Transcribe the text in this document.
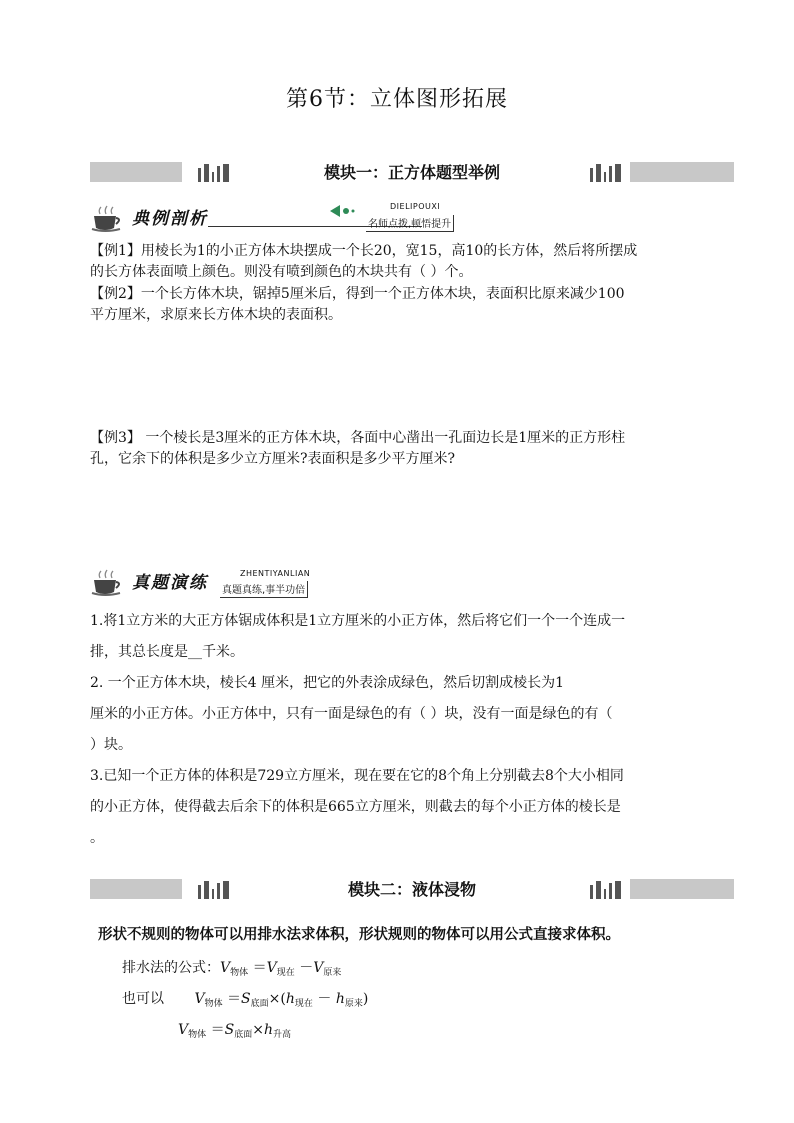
第6节：立体图形拓展
模块一：正方体题型举例
典例剖析
DIELIPOUXI
名师点拨,顿悟提升
【例1】用棱长为1的小正方体木块摆成一个长20，宽15，高10的长方体，然后将所摆成
的长方体表面喷上颜色。则没有喷到颜色的木块共有（ ）个。
【例2】一个长方体木块，锯掉5厘米后，得到一个正方体木块，表面积比原来减少100
平方厘米，求原来长方体木块的表面积。
【例3】 一个棱长是3厘米的正方体木块，各面中心凿出一孔面边长是1厘米的正方形柱
孔，它余下的体积是多少立方厘米?表面积是多少平方厘米?
真题演练	ZHENTIYANLIAN
真题真练,事半功倍
1.将1立方米的大正方体锯成体积是1立方厘米的小正方体，然后将它们一个一个连成一
排，其总长度是__千米。
2. 一个正方体木块，棱长4 厘米，把它的外表涂成绿色，然后切割成棱长为1
厘米的小正方体。小正方体中，只有一面是绿色的有（ ）块，没有一面是绿色的有（
）块。
3.已知一个正方体的体积是729立方厘米，现在要在它的8个角上分别截去8个大小相同
的小正方体，使得截去后余下的体积是665立方厘米，则截去的每个小正方体的棱长是
。
模块二：液体浸物
形状不规则的物体可以用排水法求体积，形状规则的物体可以用公式直接求体积。
排水法的公式：$V_{物体} =V_{现在} -V_{原来}$
也可以 $V_{物体} =S_{底面}\times(h_{现在} - h_{原来})$
$V_{物体} =S_{底面}\times h_{升高}$
